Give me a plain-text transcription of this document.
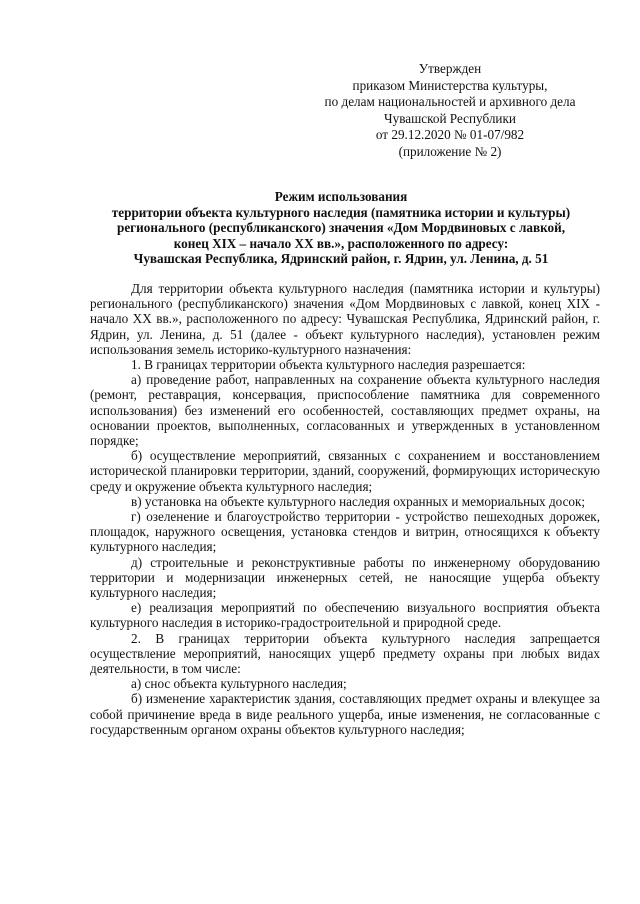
Утвержден
приказом Министерства культуры,
по делам национальностей и архивного дела
Чувашской Республики
от 29.12.2020 № 01-07/982
(приложение № 2)
Режим использования
территории объекта культурного наследия (памятника истории и культуры)
регионального (республиканского) значения «Дом Мордвиновых с лавкой,
конец XIX – начало XX вв.», расположенного по адресу:
Чувашская Республика, Ядринский район, г. Ядрин, ул. Ленина, д. 51

Для территории объекта культурного наследия (памятника истории и культуры) регионального (республиканского) значения «Дом Мордвиновых с лавкой, конец XIX - начало XX вв.», расположенного по адресу: Чувашская Республика, Ядринский район, г. Ядрин, ул. Ленина, д. 51 (далее - объект культурного наследия), установлен режим использования земель историко-культурного назначения:

1. В границах территории объекта культурного наследия разрешается:

а) проведение работ, направленных на сохранение объекта культурного наследия (ремонт, реставрация, консервация, приспособление памятника для современного использования) без изменений его особенностей, составляющих предмет охраны, на основании проектов, выполненных, согласованных и утвержденных в установленном порядке;

б) осуществление мероприятий, связанных с сохранением и восстановлением исторической планировки территории, зданий, сооружений, формирующих историческую среду и окружение объекта культурного наследия;

в) установка на объекте культурного наследия охранных и мемориальных досок;

г) озеленение и благоустройство территории - устройство пешеходных дорожек, площадок, наружного освещения, установка стендов и витрин, относящихся к объекту культурного наследия;

д) строительные и реконструктивные работы по инженерному оборудованию территории и модернизации инженерных сетей, не наносящие ущерба объекту культурного наследия;

е) реализация мероприятий по обеспечению визуального восприятия объекта культурного наследия в историко-градостроительной и природной среде.

2. В границах территории объекта культурного наследия запрещается осуществление мероприятий, наносящих ущерб предмету охраны при любых видах деятельности, в том числе:

а) снос объекта культурного наследия;

б) изменение характеристик здания, составляющих предмет охраны и влекущее за собой причинение вреда в виде реального ущерба, иные изменения, не согласованные с государственным органом охраны объектов культурного наследия;
